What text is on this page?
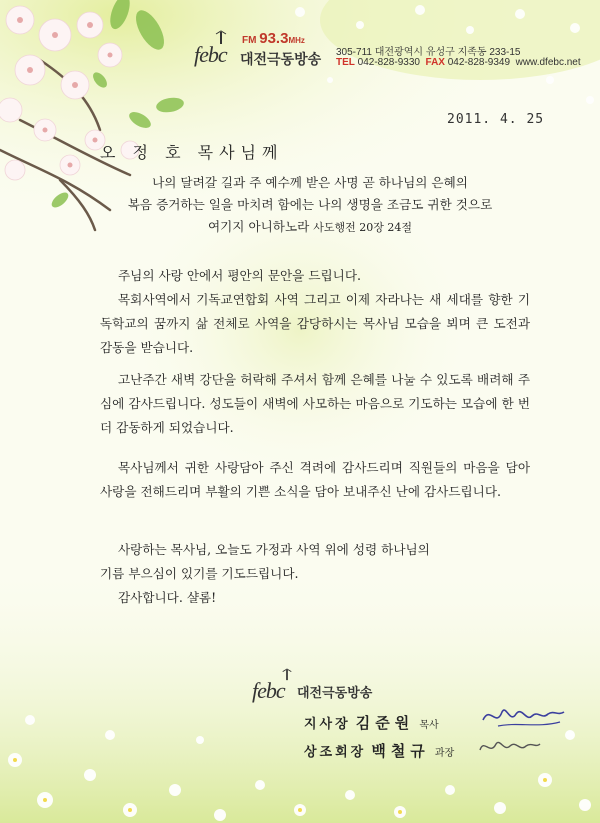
febc
FM 93.3MHz
대전극동방송 305-711 대전광역시 유성구 지족동 233-15
TEL 042-828-9330 FAX 042-828-9349 www.dfebc.net
2011. 4. 25
오 정 호 목사님께
나의 달려갈 길과 주 예수께 받은 사명 곧 하나님의 은혜의
복음 증거하는 일을 마치려 함에는 나의 생명을 조금도 귀한 것으로
여기지 아니하노라 사도행전 20장 24절
주님의 사랑 안에서 평안의 문안을 드립니다.
목회사역에서 기독교연합회 사역 그리고 이제 자라나는 새 세대를 향한 기독학교의 꿈까지 삶 전체로 사역을 감당하시는 목사님 모습을 뵈며 큰 도전과 감동을 받습니다.
고난주간 새벽 강단을 허락해 주셔서 함께 은혜를 나눌 수 있도록 배려해 주심에 감사드립니다. 성도들이 새벽에 사모하는 마음으로 기도하는 모습에 한 번 더 감동하게 되었습니다.
목사님께서 귀한 사랑담아 주신 격려에 감사드리며 직원들의 마음을 담아 사랑을 전해드리며 부활의 기쁜 소식을 담아 보내주신 난에 감사드립니다.
사랑하는 목사님, 오늘도 가정과 사역 위에 성령 하나님의
기름 부으심이 있기를 기도드립니다.
감사합니다. 샬롬!
febc 대전극동방송
지사장 김준원 목사
상조회장 백철규 과장
